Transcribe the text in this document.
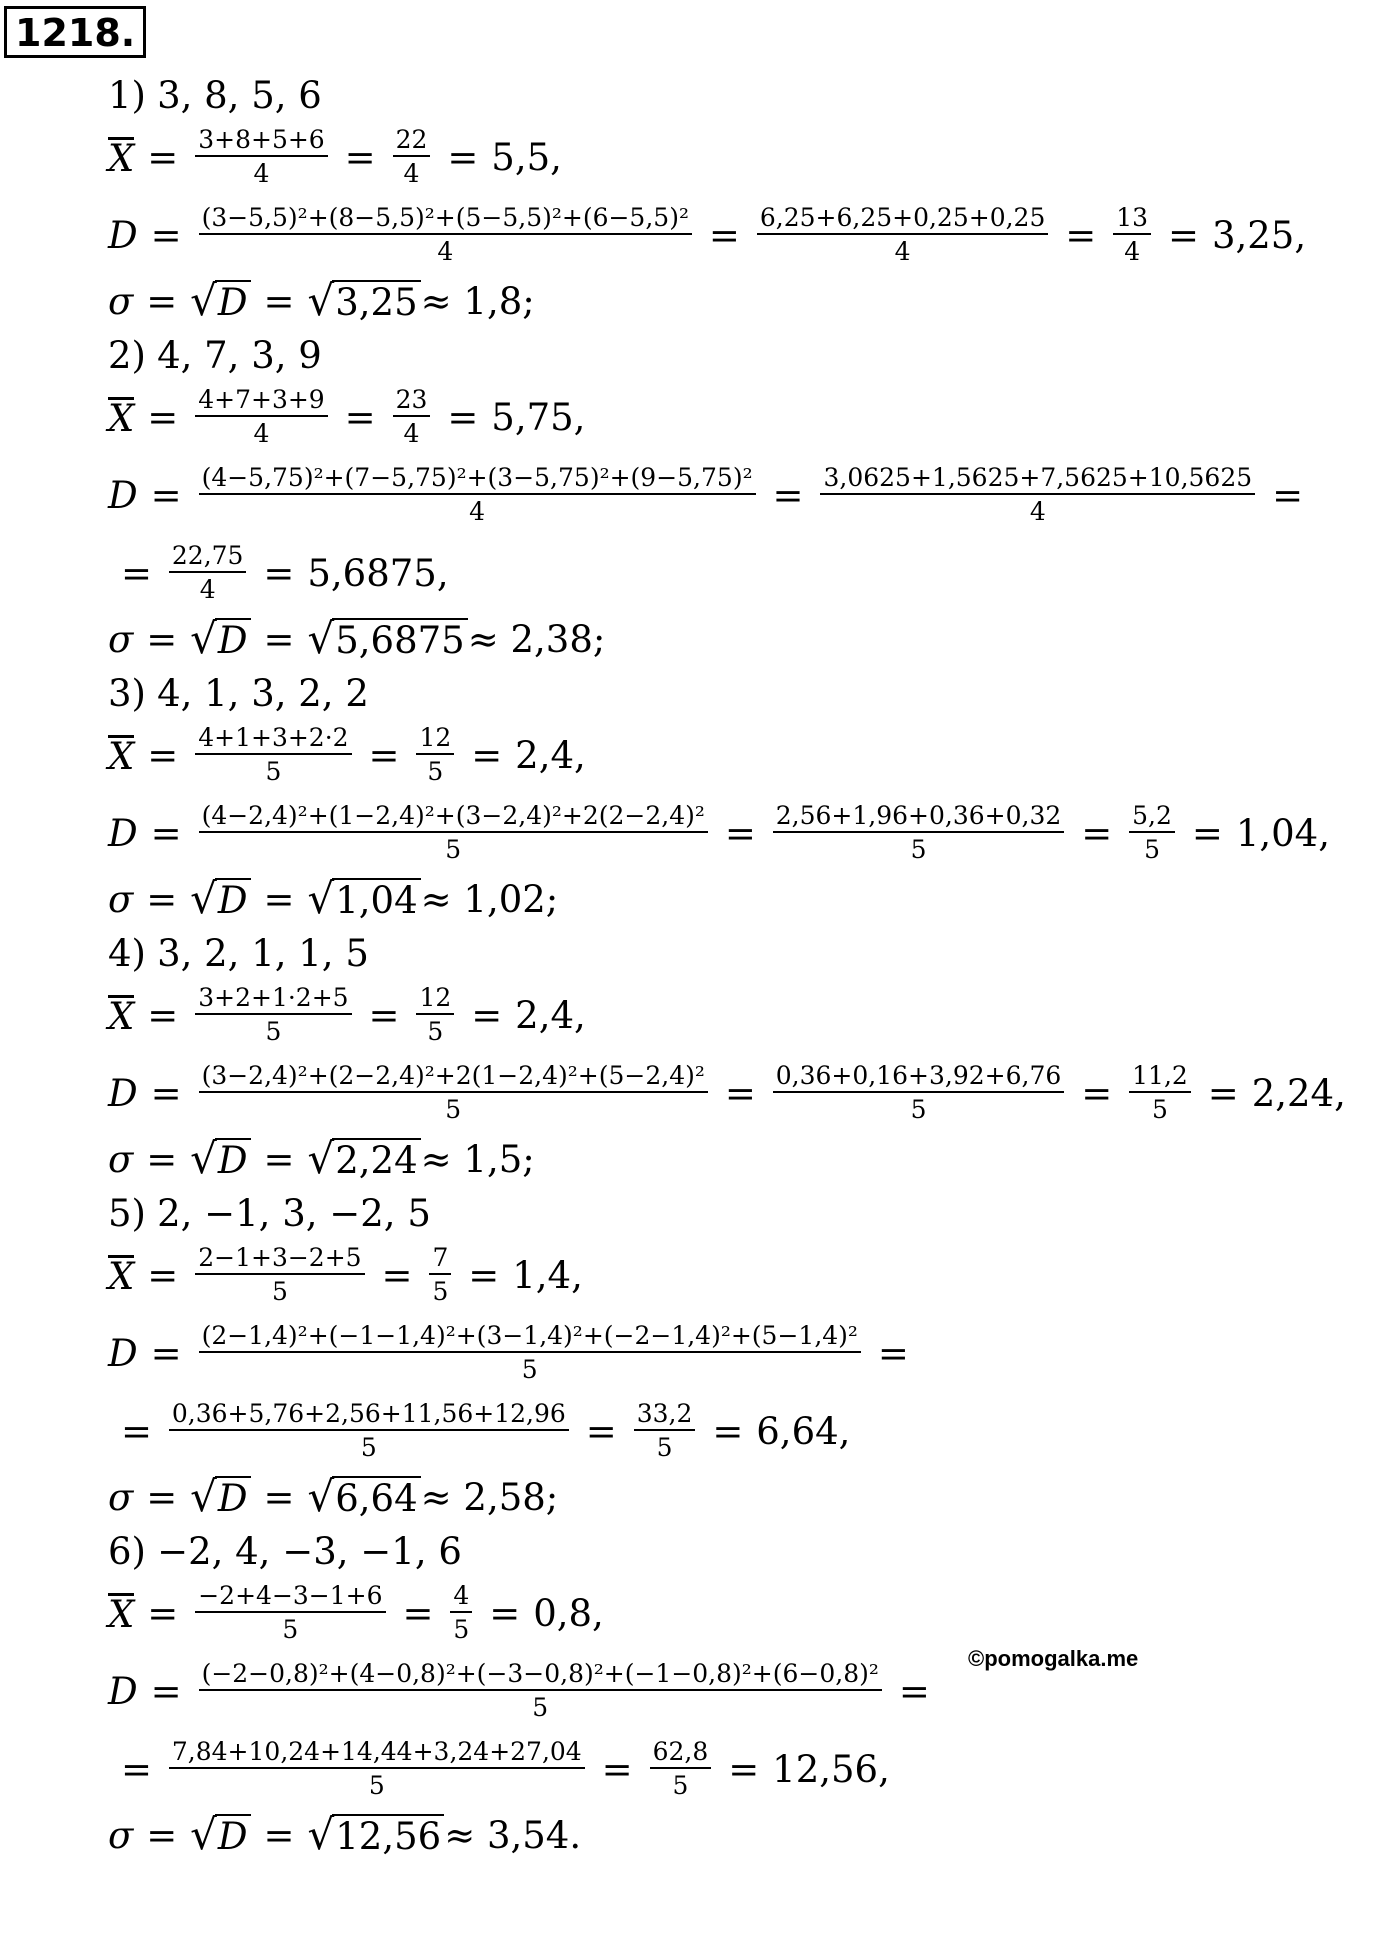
1218.
©pomogalka.me
1) 3, 8, 5, 6
$X = \frac{3+8+5+6}{4} = \frac{22}{4} = 5,5$,
$D = \frac{\text{(3−5,5)²+(8−5,5)²+(5−5,5)²+(6−5,5)²}}{4} = \frac{6,25+6,25+0,25+0,25}{4} = \frac{13}{4} = 3,25$,
σ = √ D = √ 3,25 ≈ 1,8;
2) 4, 7, 3, 9
$X = \frac{4+7+3+9}{4} = \frac{23}{4} = 5,75$,
$D = \frac{\text{(4−5,75)²+(7−5,75)²+(3−5,75)²+(9−5,75)²}}{4} = \frac{3,0625+1,5625+7,5625+10,5625}{4}$ =
= $\frac{22,75}{4} = 5,6875$,
σ = √ D = √ 5,6875 ≈ 2,38;
3) 4, 1, 3, 2, 2
$X = \frac{4+1+3+2\cdot 2}{5} = \frac{12}{5} = 2,4$,
$D = \frac{\text{(4−2,4)²+(1−2,4)²+(3−2,4)²+2(2−2,4)²}}{5} = \frac{2,56+1,96+0,36+0,32}{5} = \frac{5,2}{5} = 1,04$,
σ = √ D = √ 1,04 ≈ 1,02;
4) 3, 2, 1, 1, 5
$X = \frac{3+2+1\cdot 2+5}{5} = \frac{12}{5} = 2,4$,
$D = \frac{\text{(3−2,4)²+(2−2,4)²+2(1−2,4)²+(5−2,4)²}}{5} = \frac{0,36+0,16+3,92+6,76}{5} = \frac{11,2}{5} = 2,24$,
σ = √ D = √ 2,24 ≈ 1,5;
5) 2, −1, 3, −2, 5
$X = \frac{2-1+3-2+5}{5} = \frac{7}{5} = 1,4$,
$D = \frac{\text{(2−1,4)²+(−1−1,4)²+(3−1,4)²+(−2−1,4)²+(5−1,4)²}}{5}$ =
= $\frac{0,36+5,76+2,56+11,56+12,96}{5} = \frac{33,2}{5} = 6,64$,
σ = √ D = √ 6,64 ≈ 2,58;
6) −2, 4, −3, −1, 6
$X = \frac{-2+4-3-1+6}{5} = \frac{4}{5} = 0,8$,
$D = \frac{\text{(−2−0,8)²+(4−0,8)²+(−3−0,8)²+(−1−0,8)²+(6−0,8)²}}{5}$ =
= $\frac{7,84+10,24+14,44+3,24+27,04}{5} = \frac{62,8}{5} = 12,56$,
σ = √ D = √ 12,56 ≈ 3,54.
